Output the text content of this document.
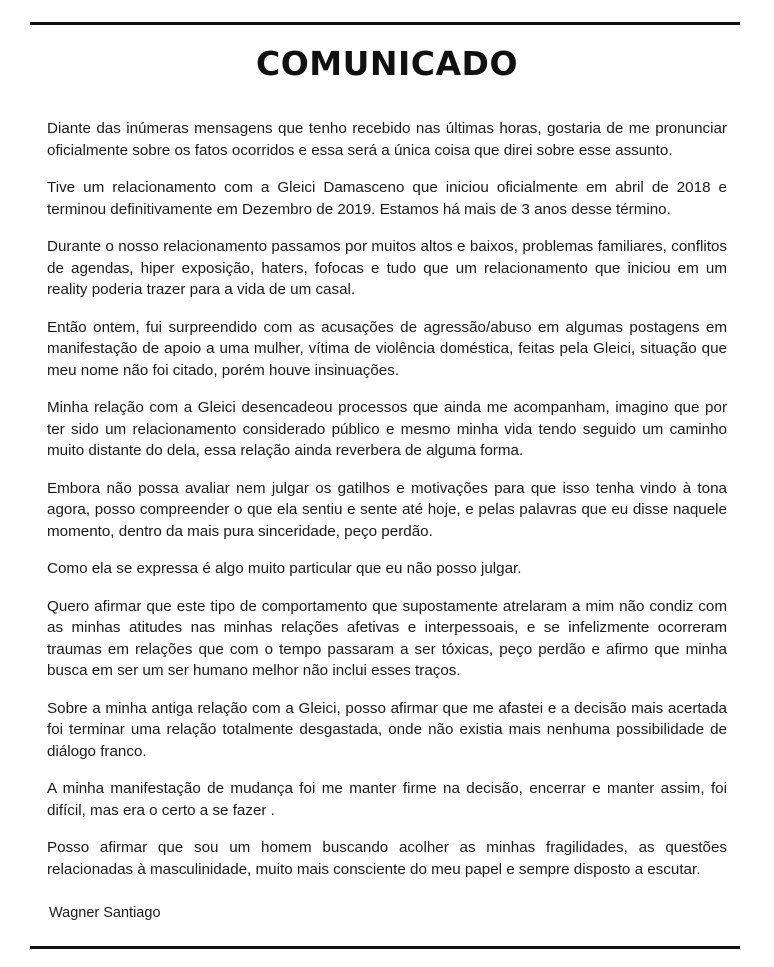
COMUNICADO

Diante das inúmeras mensagens que tenho recebido nas últimas horas, gostaria de me pronunciar oficialmente sobre os fatos ocorridos e essa será a única coisa que direi sobre esse assunto.

Tive um relacionamento com a Gleici Damasceno que iniciou oficialmente em abril de 2018 e terminou definitivamente em Dezembro de 2019. Estamos há mais de 3 anos desse término.

Durante o nosso relacionamento passamos por muitos altos e baixos, problemas familiares, conflitos de agendas, hiper exposição, haters, fofocas e tudo que um relacionamento que iniciou em um reality poderia trazer para a vida de um casal.

Então ontem, fui surpreendido com as acusações de agressão/abuso em algumas postagens em manifestação de apoio a uma mulher, vítima de violência doméstica, feitas pela Gleici, situação que meu nome não foi citado, porém houve insinuações.

Minha relação com a Gleici desencadeou processos que ainda me acompanham, imagino que por ter sido um relacionamento considerado público e mesmo minha vida tendo seguido um caminho muito distante do dela, essa relação ainda reverbera de alguma forma.

Embora não possa avaliar nem julgar os gatilhos e motivações para que isso tenha vindo à tona agora, posso compreender o que ela sentiu e sente até hoje, e pelas palavras que eu disse naquele momento, dentro da mais pura sinceridade, peço perdão.

Como ela se expressa é algo muito particular que eu não posso julgar.

Quero afirmar que este tipo de comportamento que supostamente atrelaram a mim não condiz com as minhas atitudes nas minhas relações afetivas e interpessoais, e se infelizmente ocorreram traumas em relações que com o tempo passaram a ser tóxicas, peço perdão e afirmo que minha busca em ser um ser humano melhor não inclui esses traços.

Sobre a minha antiga relação com a Gleici, posso afirmar que me afastei e a decisão mais acertada foi terminar uma relação totalmente desgastada, onde não existia mais nenhuma possibilidade de diálogo franco.

A minha manifestação de mudança foi me manter firme na decisão, encerrar e manter assim, foi difícil, mas era o certo a se fazer .

Posso afirmar que sou um homem buscando acolher as minhas fragilidades, as questões relacionadas à masculinidade, muito mais consciente do meu papel e sempre disposto a escutar.

Wagner Santiago
